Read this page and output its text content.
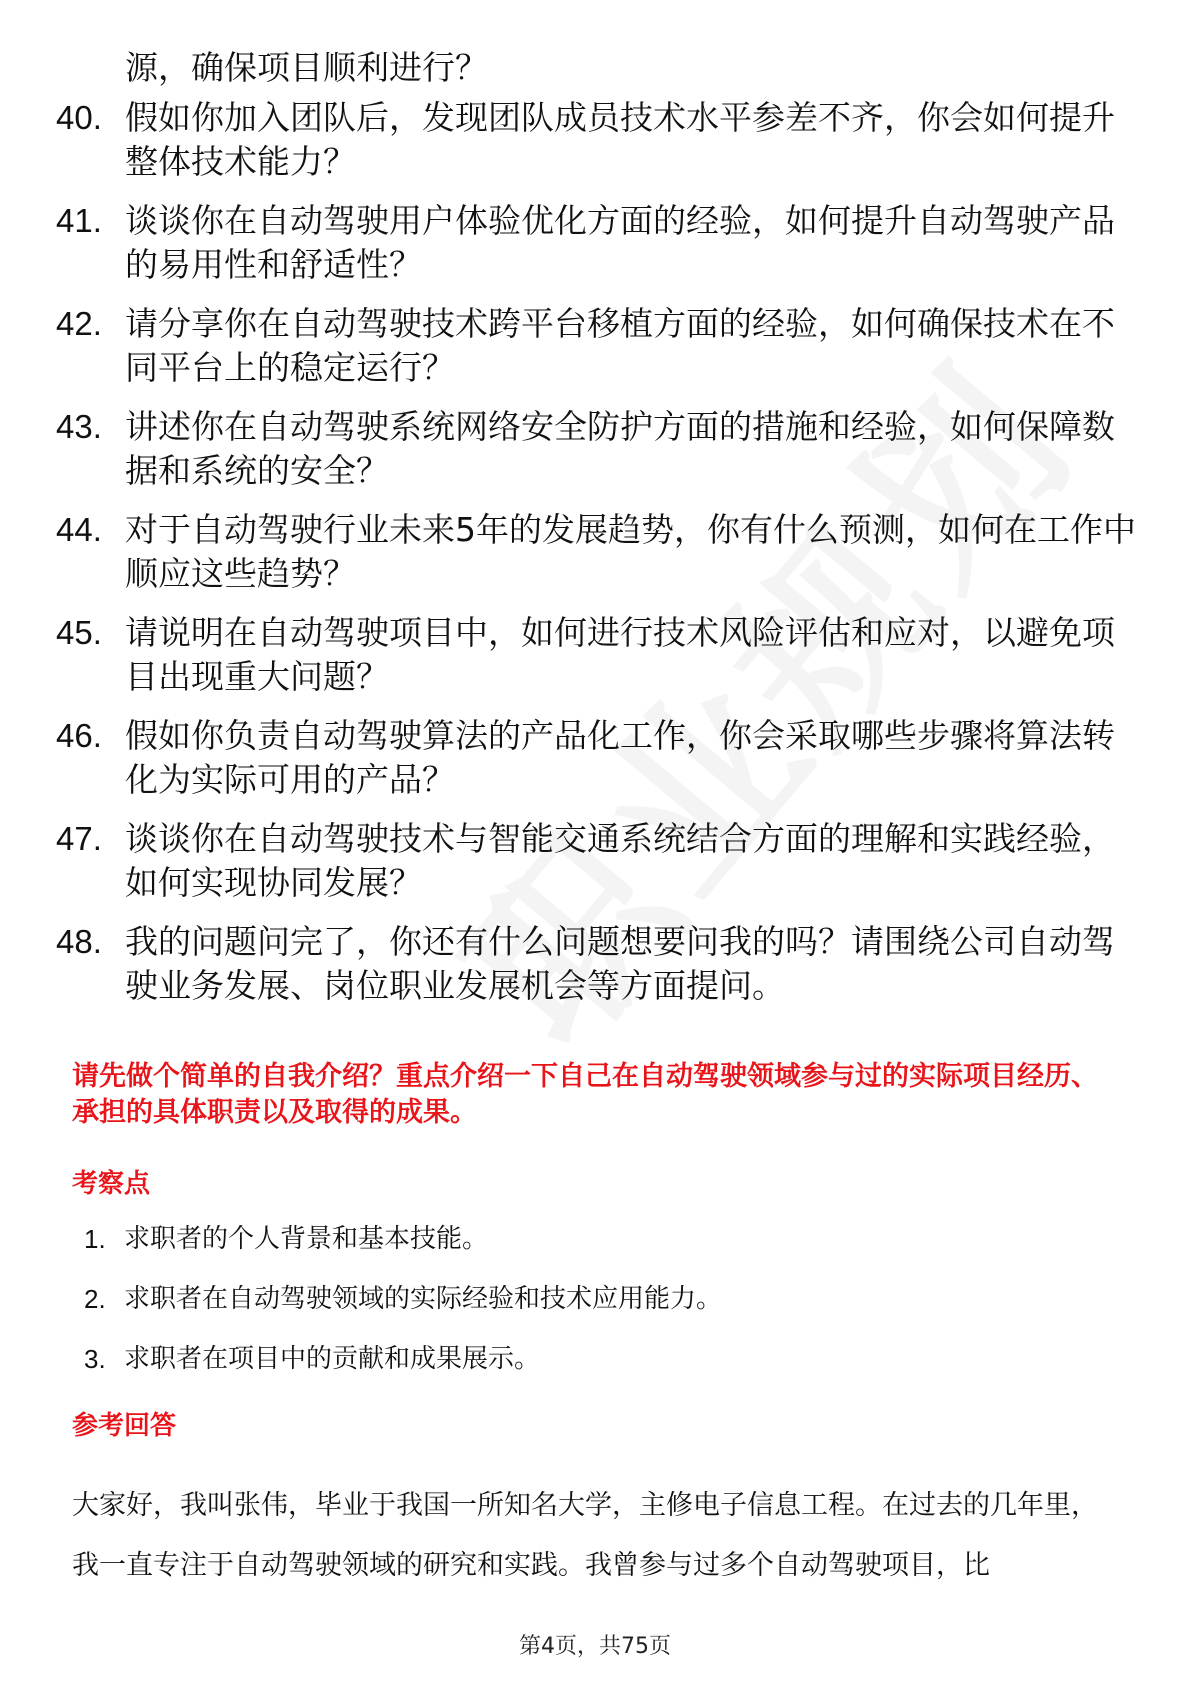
源，确保项目顺利进行？
40. 假如你加入团队后，发现团队成员技术水平参差不齐，你会如何提升整体技术能力？
41. 谈谈你在自动驾驶用户体验优化方面的经验，如何提升自动驾驶产品的易用性和舒适性？
42. 请分享你在自动驾驶技术跨平台移植方面的经验，如何确保技术在不同平台上的稳定运行？
43. 讲述你在自动驾驶系统网络安全防护方面的措施和经验，如何保障数据和系统的安全？
44. 对于自动驾驶行业未来5年的发展趋势，你有什么预测，如何在工作中顺应这些趋势？
45. 请说明在自动驾驶项目中，如何进行技术风险评估和应对，以避免项目出现重大问题？
46. 假如你负责自动驾驶算法的产品化工作，你会采取哪些步骤将算法转化为实际可用的产品？
47. 谈谈你在自动驾驶技术与智能交通系统结合方面的理解和实践经验，如何实现协同发展？
48. 我的问题问完了，你还有什么问题想要问我的吗？请围绕公司自动驾驶业务发展、岗位职业发展机会等方面提问。
请先做个简单的自我介绍？重点介绍一下自己在自动驾驶领域参与过的实际项目经历、承担的具体职责以及取得的成果。
考察点
1. 求职者的个人背景和基本技能。
2. 求职者在自动驾驶领域的实际经验和技术应用能力。
3. 求职者在项目中的贡献和成果展示。
参考回答
大家好，我叫张伟，毕业于我国一所知名大学，主修电子信息工程。在过去的几年里，我一直专注于自动驾驶领域的研究和实践。我曾参与过多个自动驾驶项目，比
第4页，共75页
